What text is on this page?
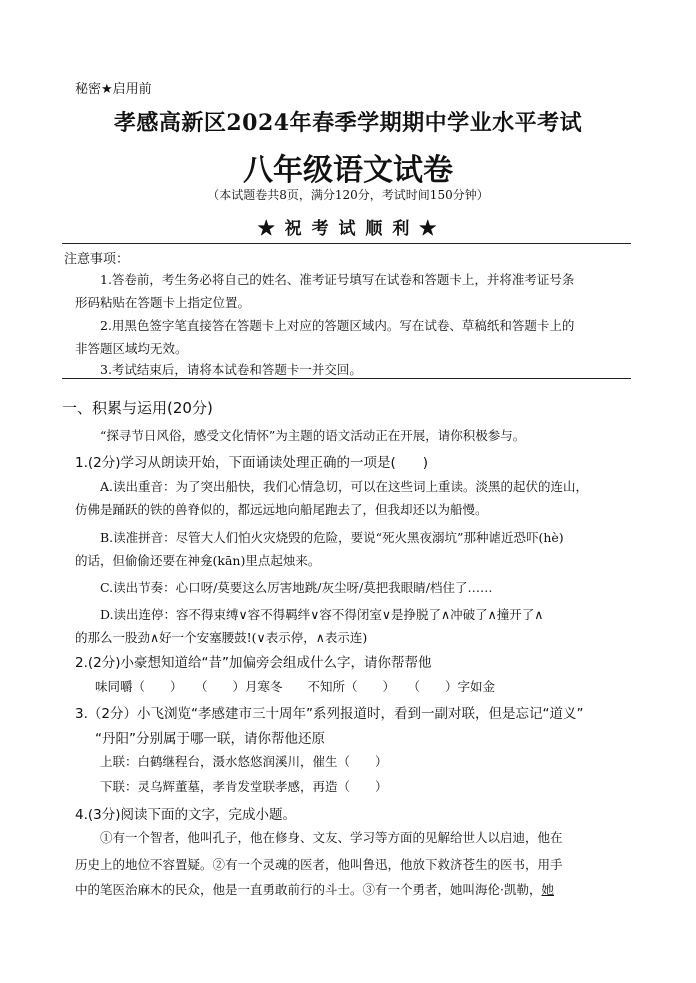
秘密★启用前
孝感高新区2024年春季学期期中学业水平考试
八年级语文试卷
（本试题卷共8页，满分120分，考试时间150分钟）
★ 祝 考 试 顺 利 ★
注意事项：
1.答卷前，考生务必将自己的姓名、准考证号填写在试卷和答题卡上，并将准考证号条
形码粘贴在答题卡上指定位置。
2.用黑色签字笔直接答在答题卡上对应的答题区域内。写在试卷、草稿纸和答题卡上的
非答题区域均无效。
3.考试结束后，请将本试卷和答题卡一并交回。
一、积累与运用(20分)
“探寻节日风俗，感受文化情怀”为主题的语文活动正在开展，请你积极参与。
1.(2分)学习从朗读开始，下面诵读处理正确的一项是(　　)
A.读出重音：为了突出船快，我们心情急切，可以在这些词上重读。淡黑的起伏的连山，
仿佛是踊跃的铁的兽脊似的，都远远地向船尾跑去了，但我却还以为船慢。
B.读准拼音：尽管大人们怕火灾烧毁的危险，要说“死火黑夜溺坑”那种谑近恐吓(hè)
的话，但偷偷还要在神龛(kān)里点起烛来。
C.读出节奏：心口呀/莫要这么厉害地跳/灰尘呀/莫把我眼睛/档住了……
D.读出连停：容不得束缚∨容不得羁绊∨容不得闭室∨是挣脱了∧冲破了∧撞开了∧
的那么一股劲∧好一个安塞腰鼓!(∨表示停，∧表示连)
2.(2分)小豪想知道给“昔”加偏旁会组成什么字，请你帮帮他
味同嚼（　　）　　（　　）月寒冬　　不知所（　　）　　（　　）字如金
3.（2分）小飞浏览“孝感建市三十周年”系列报道时，看到一副对联，但是忘记“道义”
“丹阳”分别属于哪一联，请你帮他还原
上联：白鹤继程台，滠水悠悠润溪川，催生（　　）
下联：灵乌辉董墓，孝肯发堂联孝感，再造（　　）
4.(3分)阅读下面的文字，完成小题。
①有一个智者，他叫孔子，他在修身、文友、学习等方面的见解给世人以启迪，他在
历史上的地位不容置疑。②有一个灵魂的医者，他叫鲁迅，他放下救济苍生的医书，用手
中的笔医治麻木的民众，他是一直勇敢前行的斗士。③有一个勇者，她叫海伦·凯勒，她
